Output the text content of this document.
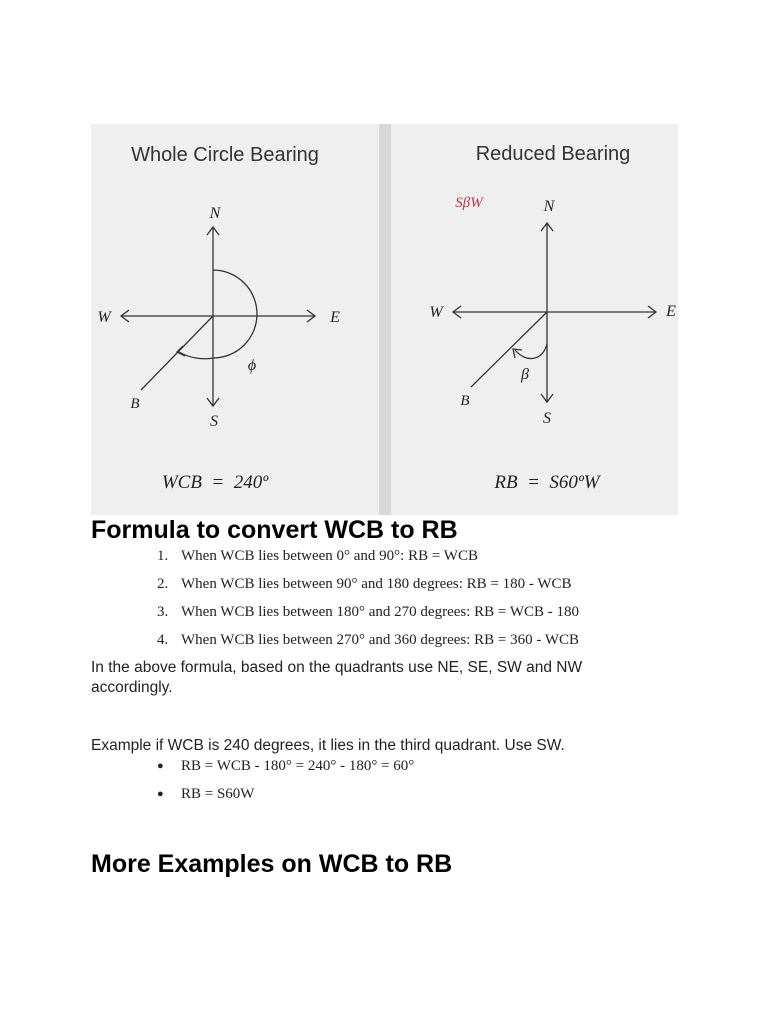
Whole Circle Bearing
N
S
W	E
B
ϕ
WCB  =  240º
Reduced Bearing
SβW	N
S
W	E
B
β
RB  =  S60ºW
Formula to convert WCB to RB
1. When WCB lies between 0° and 90°: RB = WCB
2. When WCB lies between 90° and 180 degrees: RB = 180 - WCB
3. When WCB lies between 180° and 270 degrees: RB = WCB - 180
4. When WCB lies between 270° and 360 degrees: RB = 360 - WCB

In the above formula, based on the quadrants use NE, SE, SW and NW accordingly.

Example if WCB is 240 degrees, it lies in the third quadrant. Use SW.

● RB = WCB - 180° = 240° - 180° = 60°
● RB = S60W
More Examples on WCB to RB
